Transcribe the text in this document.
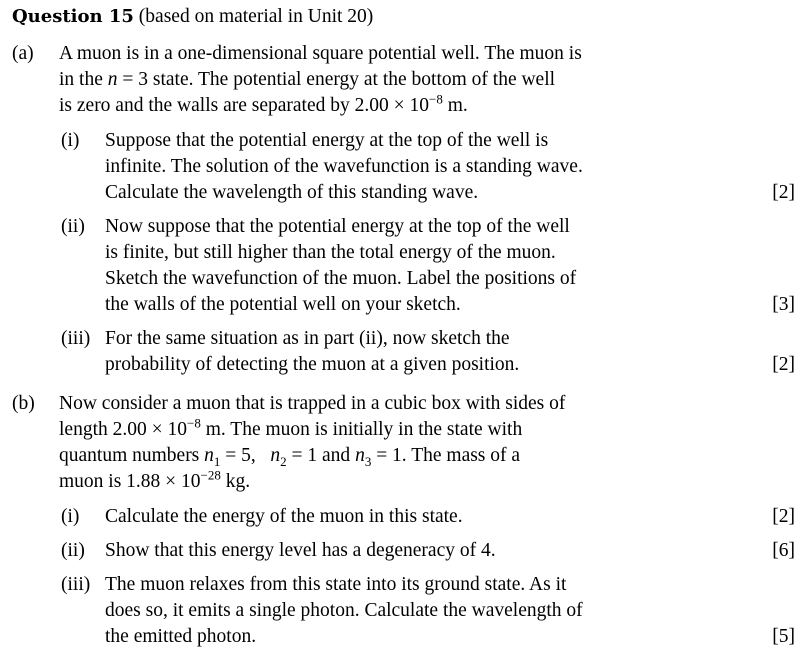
Question 15 (based on material in Unit 20)
(a) A muon is in a one-dimensional square potential well. The muon is
in the n = 3 state. The potential energy at the bottom of the well
is zero and the walls are separated by $2.00 \times 10^{-8}$ m.
(i) Suppose that the potential energy at the top of the well is
infinite. The solution of the wavefunction is a standing wave.
Calculate the wavelength of this standing wave.	[2]
(ii) Now suppose that the potential energy at the top of the well
is finite, but still higher than the total energy of the muon.
Sketch the wavefunction of the muon. Label the positions of
the walls of the potential well on your sketch.	[3]
(iii) For the same situation as in part (ii), now sketch the
probability of detecting the muon at a given position.	[2]
(b) Now consider a muon that is trapped in a cubic box with sides of
length $2.00 \times 10^{-8}$ m. The muon is initially in the state with
quantum numbers $n_1 = 5$, $n_2 = 1$ and $n_3 = 1$. The mass of a
muon is $1.88 \times 10^{-28}$ kg.
(i) Calculate the energy of the muon in this state.	[2]
(ii) Show that this energy level has a degeneracy of 4.	[6]
(iii) The muon relaxes from this state into its ground state. As it
does so, it emits a single photon. Calculate the wavelength of
the emitted photon.	[5]
